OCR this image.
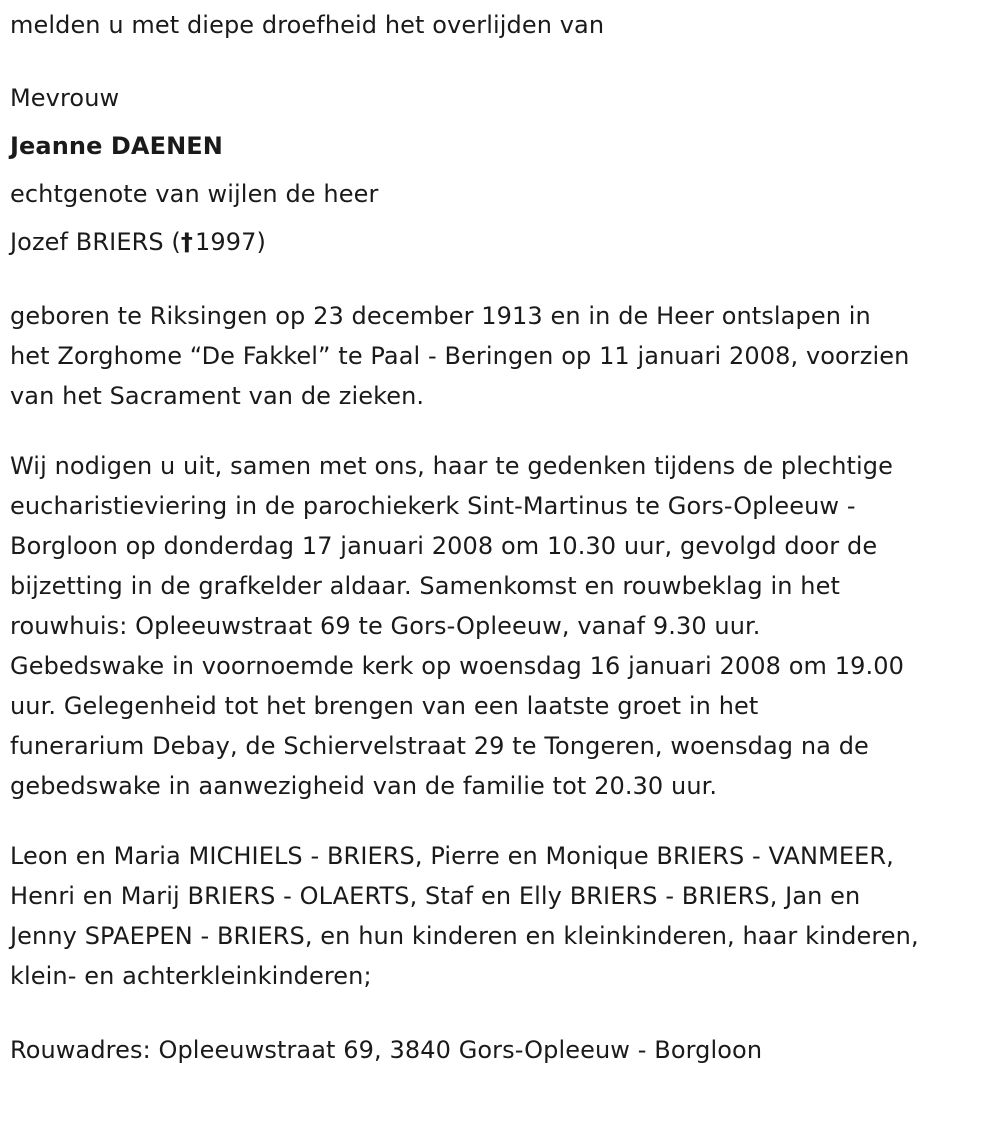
melden u met diepe droefheid het overlijden van
Mevrouw
Jeanne DAENEN
echtgenote van wijlen de heer
Jozef BRIERS (†1997)
geboren te Riksingen op 23 december 1913 en in de Heer ontslapen in
het Zorghome “De Fakkel” te Paal - Beringen op 11 januari 2008, voorzien
van het Sacrament van de zieken.
Wij nodigen u uit, samen met ons, haar te gedenken tijdens de plechtige
eucharistieviering in de parochiekerk Sint-Martinus te Gors-Opleeuw -
Borgloon op donderdag 17 januari 2008 om 10.30 uur, gevolgd door de
bijzetting in de grafkelder aldaar. Samenkomst en rouwbeklag in het
rouwhuis: Opleeuwstraat 69 te Gors-Opleeuw, vanaf 9.30 uur.
Gebedswake in voornoemde kerk op woensdag 16 januari 2008 om 19.00
uur. Gelegenheid tot het brengen van een laatste groet in het
funerarium Debay, de Schiervelstraat 29 te Tongeren, woensdag na de
gebedswake in aanwezigheid van de familie tot 20.30 uur.
Leon en Maria MICHIELS - BRIERS, Pierre en Monique BRIERS - VANMEER,
Henri en Marij BRIERS - OLAERTS, Staf en Elly BRIERS - BRIERS, Jan en
Jenny SPAEPEN - BRIERS, en hun kinderen en kleinkinderen, haar kinderen,
klein- en achterkleinkinderen;
Rouwadres: Opleeuwstraat 69, 3840 Gors-Opleeuw - Borgloon
